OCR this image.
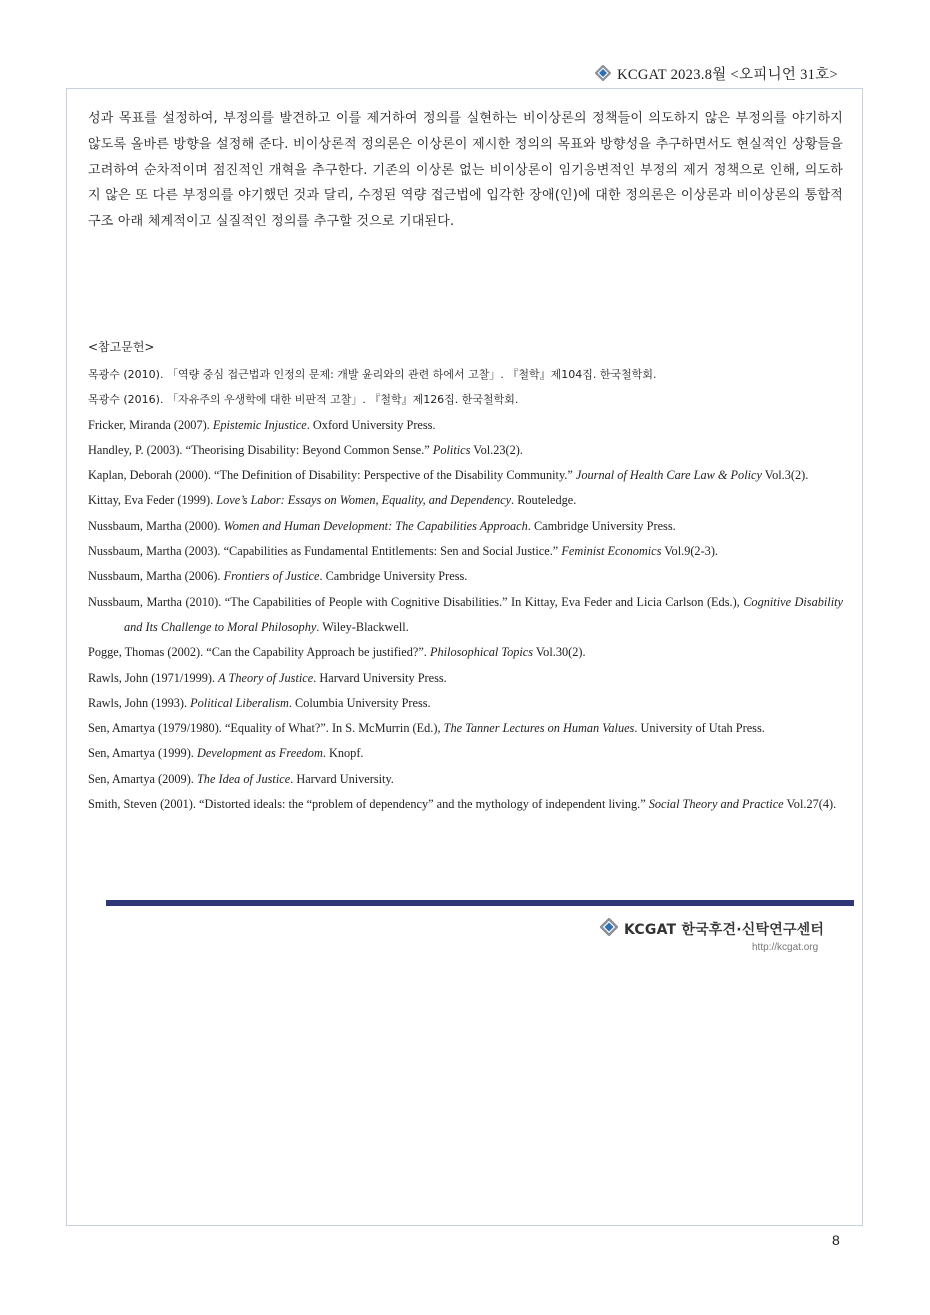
KCGAT 2023.8월 <오피니언 31호>
성과 목표를 설정하여, 부정의를 발견하고 이를 제거하여 정의를 실현하는 비이상론의 정책들이 의도하지 않은 부정의를 야기하지 않도록 올바른 방향을 설정해 준다. 비이상론적 정의론은 이상론이 제시한 정의의 목표와 방향성을 추구하면서도 현실적인 상황들을 고려하여 순차적이며 점진적인 개혁을 추구한다. 기존의 이상론 없는 비이상론이 임기응변적인 부정의 제거 정책으로 인해, 의도하지 않은 또 다른 부정의를 야기했던 것과 달리, 수정된 역량 접근법에 입각한 장애(인)에 대한 정의론은 이상론과 비이상론의 통합적 구조 아래 체계적이고 실질적인 정의를 추구할 것으로 기대된다.
<참고문헌>
목광수 (2010). 「역량 중심 접근법과 인정의 문제: 개발 윤리와의 관련 하에서 고찰」. 『철학』제104집. 한국철학회.
목광수 (2016). 「자유주의 우생학에 대한 비판적 고찰」. 『철학』제126집. 한국철학회.
Fricker, Miranda (2007). Epistemic Injustice. Oxford University Press.
Handley, P. (2003). “Theorising Disability: Beyond Common Sense.” Politics Vol.23(2).
Kaplan, Deborah (2000). “The Definition of Disability: Perspective of the Disability Community.” Journal of Health Care Law & Policy Vol.3(2).
Kittay, Eva Feder (1999). Love’s Labor: Essays on Women, Equality, and Dependency. Routeledge.
Nussbaum, Martha (2000). Women and Human Development: The Capabilities Approach. Cambridge University Press.
Nussbaum, Martha (2003). “Capabilities as Fundamental Entitlements: Sen and Social Justice.” Feminist Economics Vol.9(2-3).
Nussbaum, Martha (2006). Frontiers of Justice. Cambridge University Press.
Nussbaum, Martha (2010). “The Capabilities of People with Cognitive Disabilities.” In Kittay, Eva Feder and Licia Carlson (Eds.), Cognitive Disability and Its Challenge to Moral Philosophy. Wiley-Blackwell.
Pogge, Thomas (2002). “Can the Capability Approach be justified?”. Philosophical Topics Vol.30(2).
Rawls, John (1971/1999). A Theory of Justice. Harvard University Press.
Rawls, John (1993). Political Liberalism. Columbia University Press.
Sen, Amartya (1979/1980). “Equality of What?”. In S. McMurrin (Ed.), The Tanner Lectures on Human Values. University of Utah Press.
Sen, Amartya (1999). Development as Freedom. Knopf.
Sen, Amartya (2009). The Idea of Justice. Harvard University.
Smith, Steven (2001). “Distorted ideals: the “problem of dependency” and the mythology of independent living.” Social Theory and Practice Vol.27(4).
KCGAT 한국후견·신탁연구센터
http://kcgat.org
8
